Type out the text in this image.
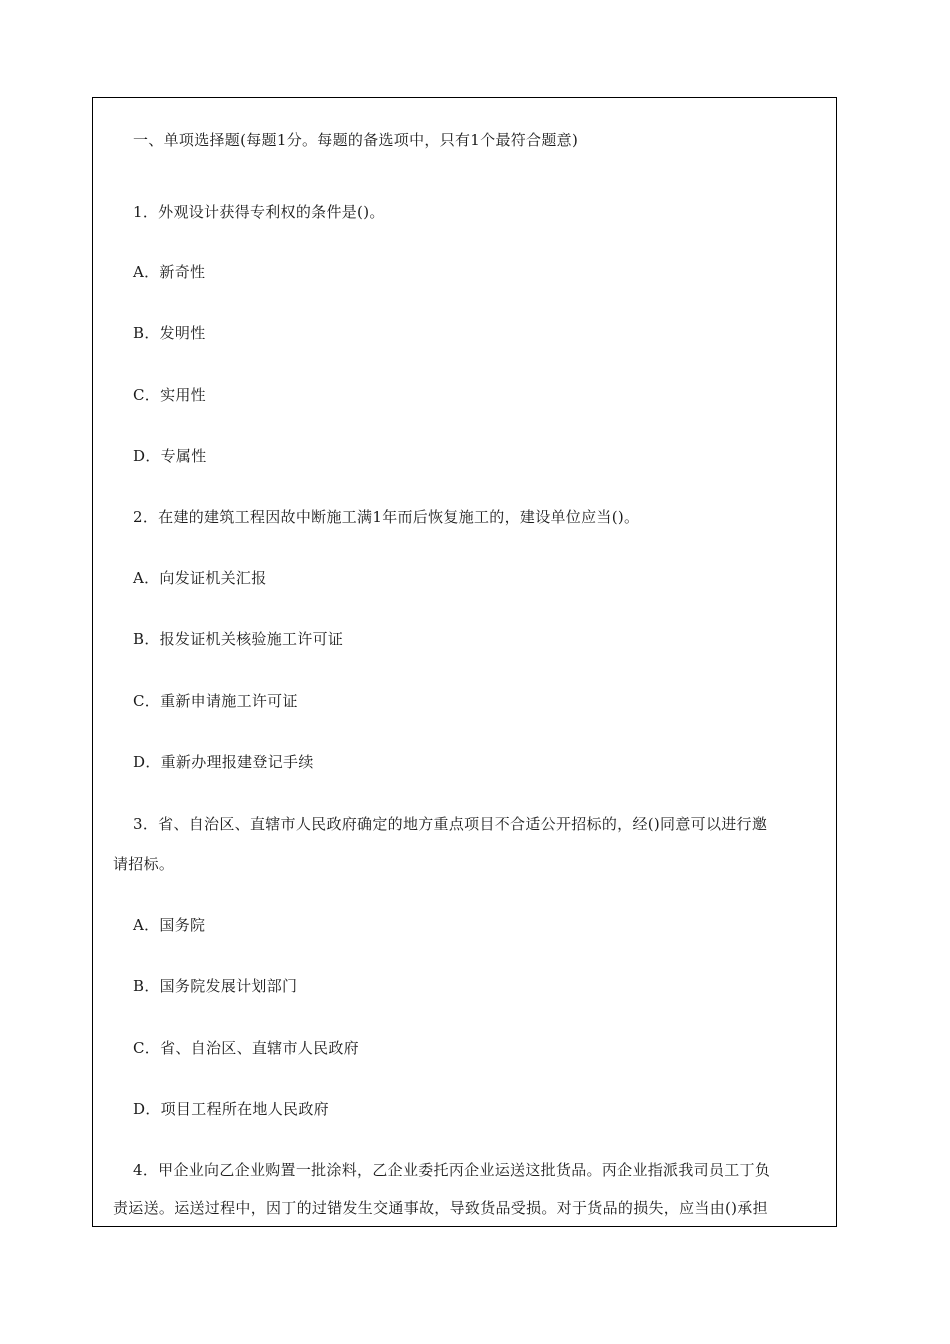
一、单项选择题(每题1分。每题的备选项中，只有1个最符合题意)
1．外观设计获得专利权的条件是()。
A．新奇性
B．发明性
C．实用性
D．专属性
2．在建的建筑工程因故中断施工满1年而后恢复施工的，建设单位应当()。
A．向发证机关汇报
B．报发证机关核验施工许可证
C．重新申请施工许可证
D．重新办理报建登记手续
3．省、自治区、直辖市人民政府确定的地方重点项目不合适公开招标的，经()同意可以进行邀
请招标。
A．国务院
B．国务院发展计划部门
C．省、自治区、直辖市人民政府
D．项目工程所在地人民政府
4．甲企业向乙企业购置一批涂料，乙企业委托丙企业运送这批货品。丙企业指派我司员工丁负
责运送。运送过程中，因丁的过错发生交通事故，导致货品受损。对于货品的损失，应当由()承担
